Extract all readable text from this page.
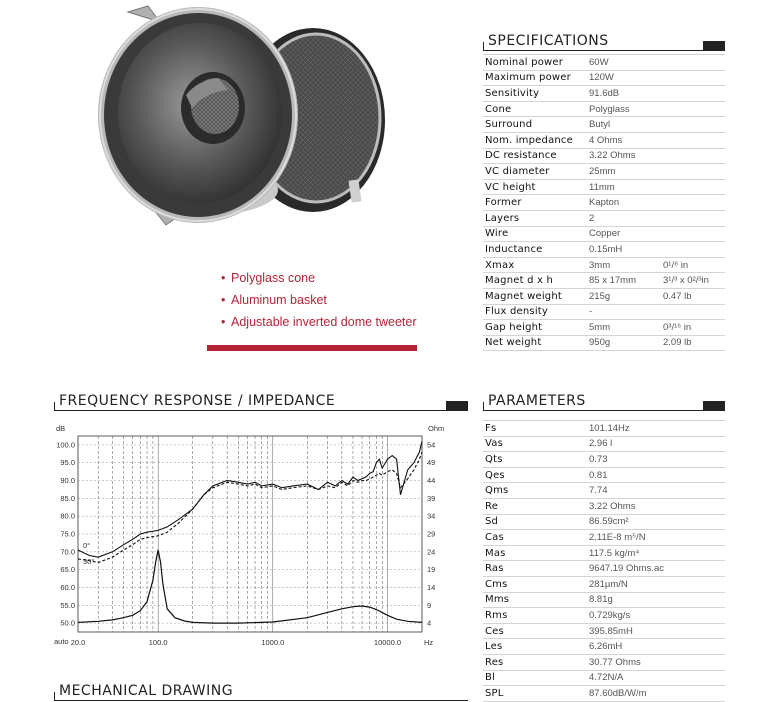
• Polyglass cone
• Aluminum basket
• Adjustable inverted dome tweeter
SPECIFICATIONS
Nominal power	60W	
Maximum power	120W	
Sensitivity	91.6dB	
Cone	Polyglass	
Surround	Butyl	
Nom. impedance	4 Ohms	
DC resistance	3.22 Ohms	
VC diameter	25mm	
VC height	11mm	
Former	Kapton	
Layers	2	
Wire	Copper	
Inductance	0.15mH	
Xmax	3mm	0¹/⁸ in
Magnet d x h	85 x 17mm	3¹/³ x 0²/³in
Magnet weight	215g	0.47 lb
Flux density	-	
Gap height	5mm	0³/¹⁶ in
Net weight	950g	2.09 lb
PARAMETERS
Fs	101.14Hz
Vas	2.96 l
Qts	0.73
Qes	0.81
Qms	7.74
Re	3.22 Ohms
Sd	86.59cm²
Cas	2.11E-8 m⁵/N
Mas	117.5 kg/m⁴
Ras	9647.19 Ohms.ac
Cms	281µm/N
Mms	8.81g
Rms	0.729kg/s
Ces	395.85mH
Les	6.26mH
Res	30.77 Ohms
Bl	4.72N/A
SPL	87.60dB/W/m
FREQUENCY RESPONSE / IMPEDANCE
100.0
95.0
90.0
85.0
80.0
75.0
70.0
65.0
60.0
55.0
50.0
54
49
44
39
34
29
24
19
14
9
4
20.0	100.0	1000.0	10000.0
dB	Ohm
Hz
auto
0°
30°
MECHANICAL DRAWING
